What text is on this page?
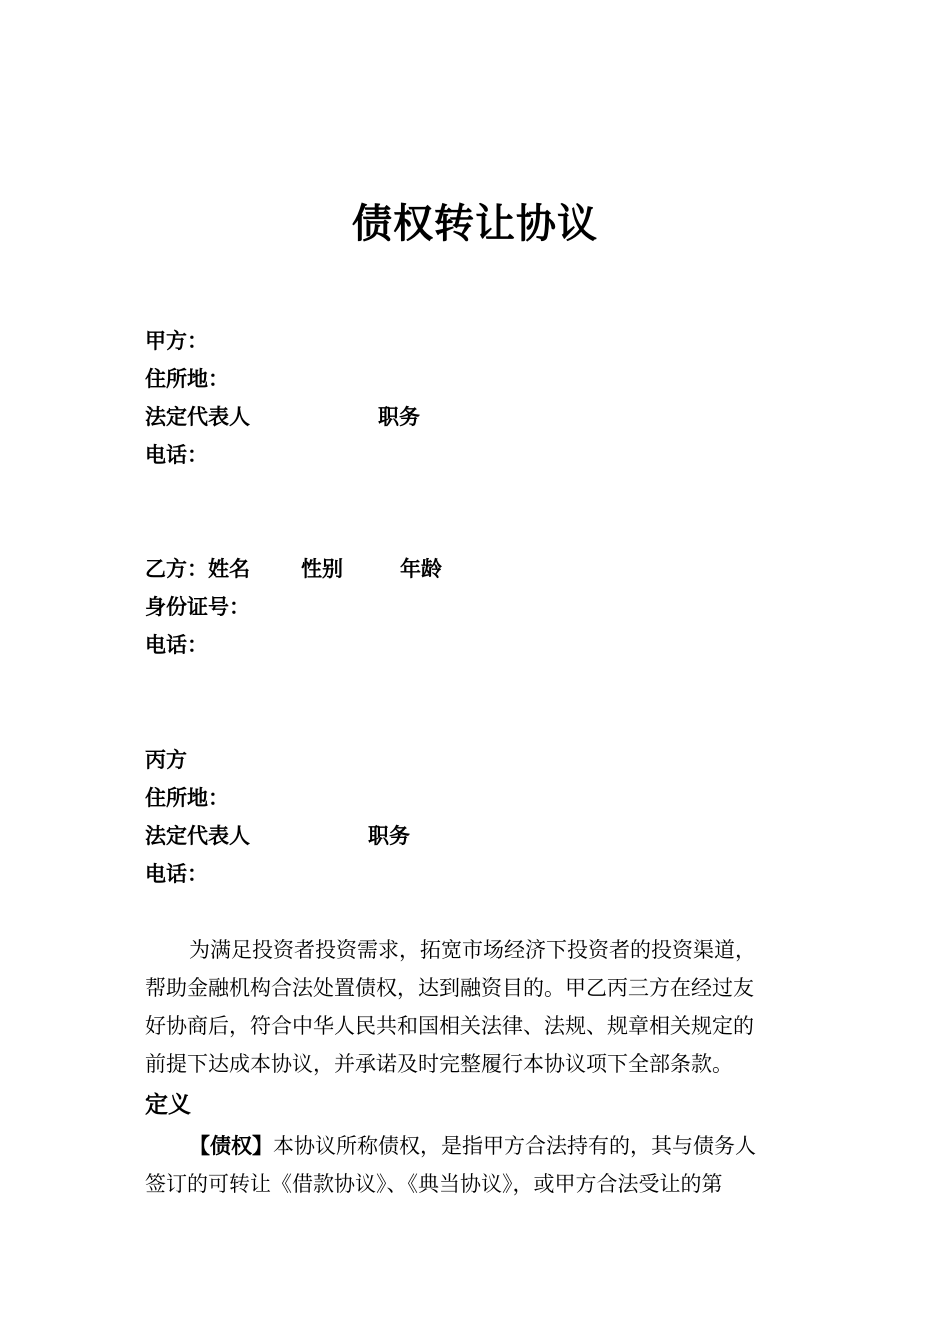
债权转让协议
甲方：
住所地：
法定代表人	职务
电话：
乙方：姓名 性别	年龄
身份证号：
电话：
丙方
住所地：
法定代表人	职务
电话：
为满足投资者投资需求，拓宽市场经济下投资者的投资渠道，
帮助金融机构合法处置债权，达到融资目的。甲乙丙三方在经过友
好协商后，符合中华人民共和国相关法律、法规、规章相关规定的
前提下达成本协议，并承诺及时完整履行本协议项下全部条款。
定义
【债权】本协议所称债权，是指甲方合法持有的，其与债务人
签订的可转让《借款协议》、《典当协议》，或甲方合法受让的第
